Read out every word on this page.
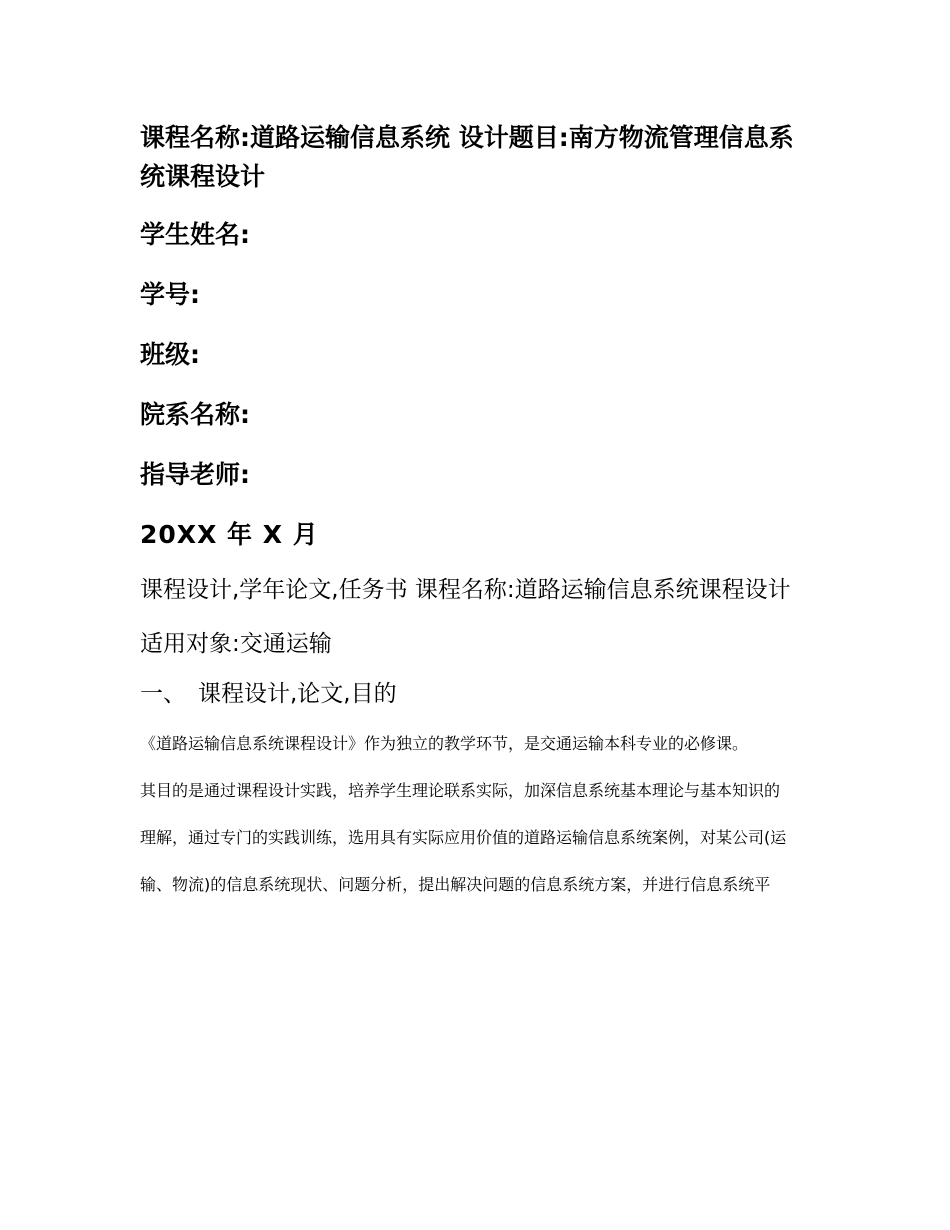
课程名称:道路运输信息系统 设计题目:南方物流管理信息系统课程设计
学生姓名:
学号:
班级:
院系名称:
指导老师:
20XX 年 X 月
课程设计,学年论文,任务书 课程名称:道路运输信息系统课程设计
适用对象:交通运输
一、 课程设计,论文,目的
《道路运输信息系统课程设计》作为独立的教学环节，是交通运输本科专业的必修课。
其目的是通过课程设计实践，培养学生理论联系实际，加深信息系统基本理论与基本知识的
理解，通过专门的实践训练，选用具有实际应用价值的道路运输信息系统案例，对某公司(运
输、物流)的信息系统现状、问题分析，提出解决问题的信息系统方案，并进行信息系统平
